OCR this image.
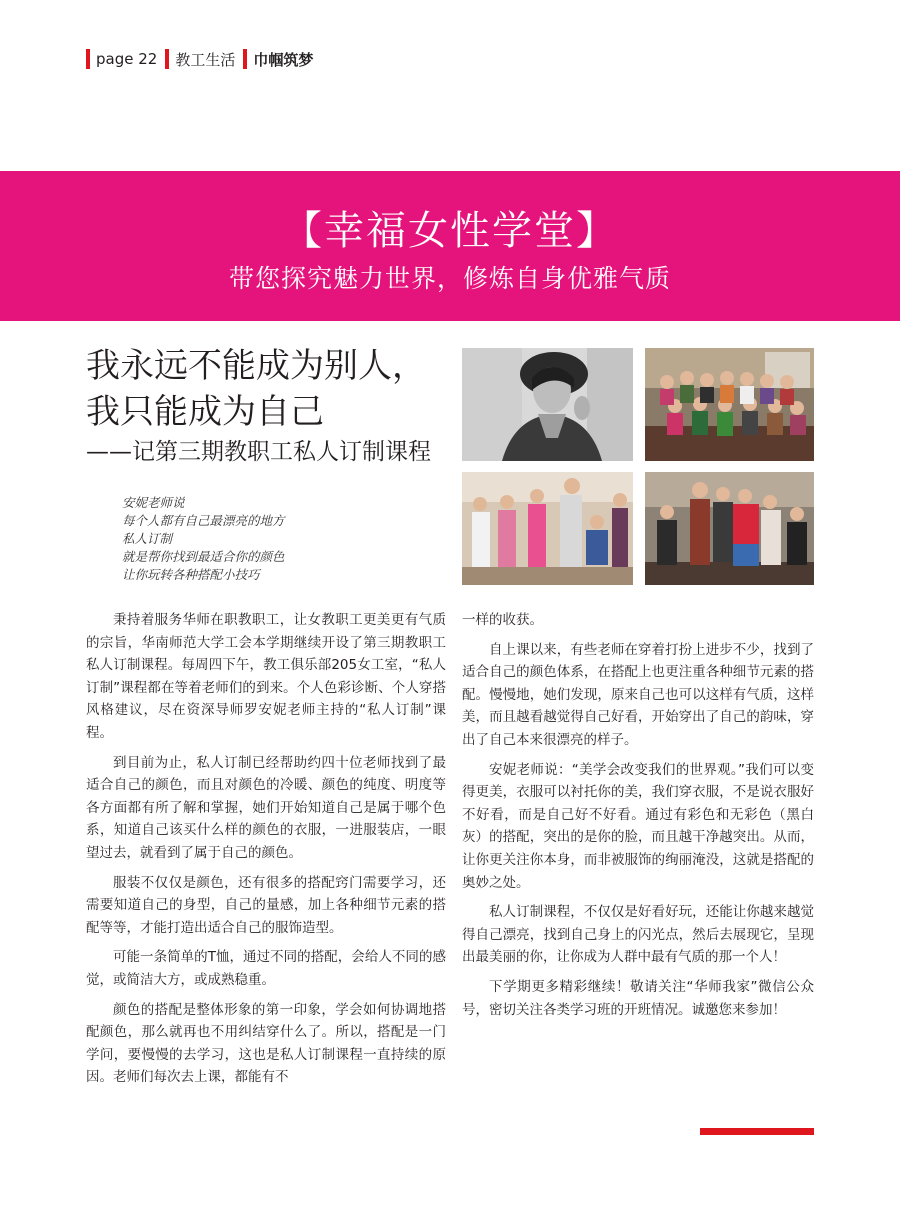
page 22 教工生活 巾帼筑梦
【幸福女性学堂】
带您探究魅力世界，修炼自身优雅气质
我永远不能成为别人，
我只能成为自己
——记第三期教职工私人订制课程
安妮老师说
每个人都有自己最漂亮的地方
私人订制
就是帮你找到最适合你的颜色
让你玩转各种搭配小技巧

秉持着服务华师在职教职工，让女教职工更美更有气质的宗旨，华南师范大学工会本学期继续开设了第三期教职工私人订制课程。每周四下午，教工俱乐部205女工室，“私人订制”课程都在等着老师们的到来。个人色彩诊断、个人穿搭风格建议，尽在资深导师罗安妮老师主持的“私人订制”课程。

到目前为止，私人订制已经帮助约四十位老师找到了最适合自己的颜色，而且对颜色的冷暖、颜色的纯度、明度等各方面都有所了解和掌握，她们开始知道自己是属于哪个色系，知道自己该买什么样的颜色的衣服，一进服装店，一眼望过去，就看到了属于自己的颜色。

服装不仅仅是颜色，还有很多的搭配窍门需要学习，还需要知道自己的身型，自己的量感，加上各种细节元素的搭配等等，才能打造出适合自己的服饰造型。

可能一条简单的T恤，通过不同的搭配，会给人不同的感觉，或简洁大方，或成熟稳重。

颜色的搭配是整体形象的第一印象，学会如何协调地搭配颜色，那么就再也不用纠结穿什么了。所以，搭配是一门学问，要慢慢的去学习，这也是私人订制课程一直持续的原因。老师们每次去上课，都能有不

一样的收获。

自上课以来，有些老师在穿着打扮上进步不少，找到了适合自己的颜色体系，在搭配上也更注重各种细节元素的搭配。慢慢地，她们发现，原来自己也可以这样有气质，这样美，而且越看越觉得自己好看，开始穿出了自己的韵味，穿出了自己本来很漂亮的样子。

安妮老师说：“美学会改变我们的世界观。”我们可以变得更美，衣服可以衬托你的美，我们穿衣服，不是说衣服好不好看，而是自己好不好看。通过有彩色和无彩色（黑白灰）的搭配，突出的是你的脸，而且越干净越突出。从而，让你更关注你本身，而非被服饰的绚丽淹没，这就是搭配的奥妙之处。

私人订制课程，不仅仅是好看好玩，还能让你越来越觉得自己漂亮，找到自己身上的闪光点，然后去展现它，呈现出最美丽的你，让你成为人群中最有气质的那一个人！

下学期更多精彩继续！敬请关注“华师我家”微信公众号，密切关注各类学习班的开班情况。诚邀您来参加！
